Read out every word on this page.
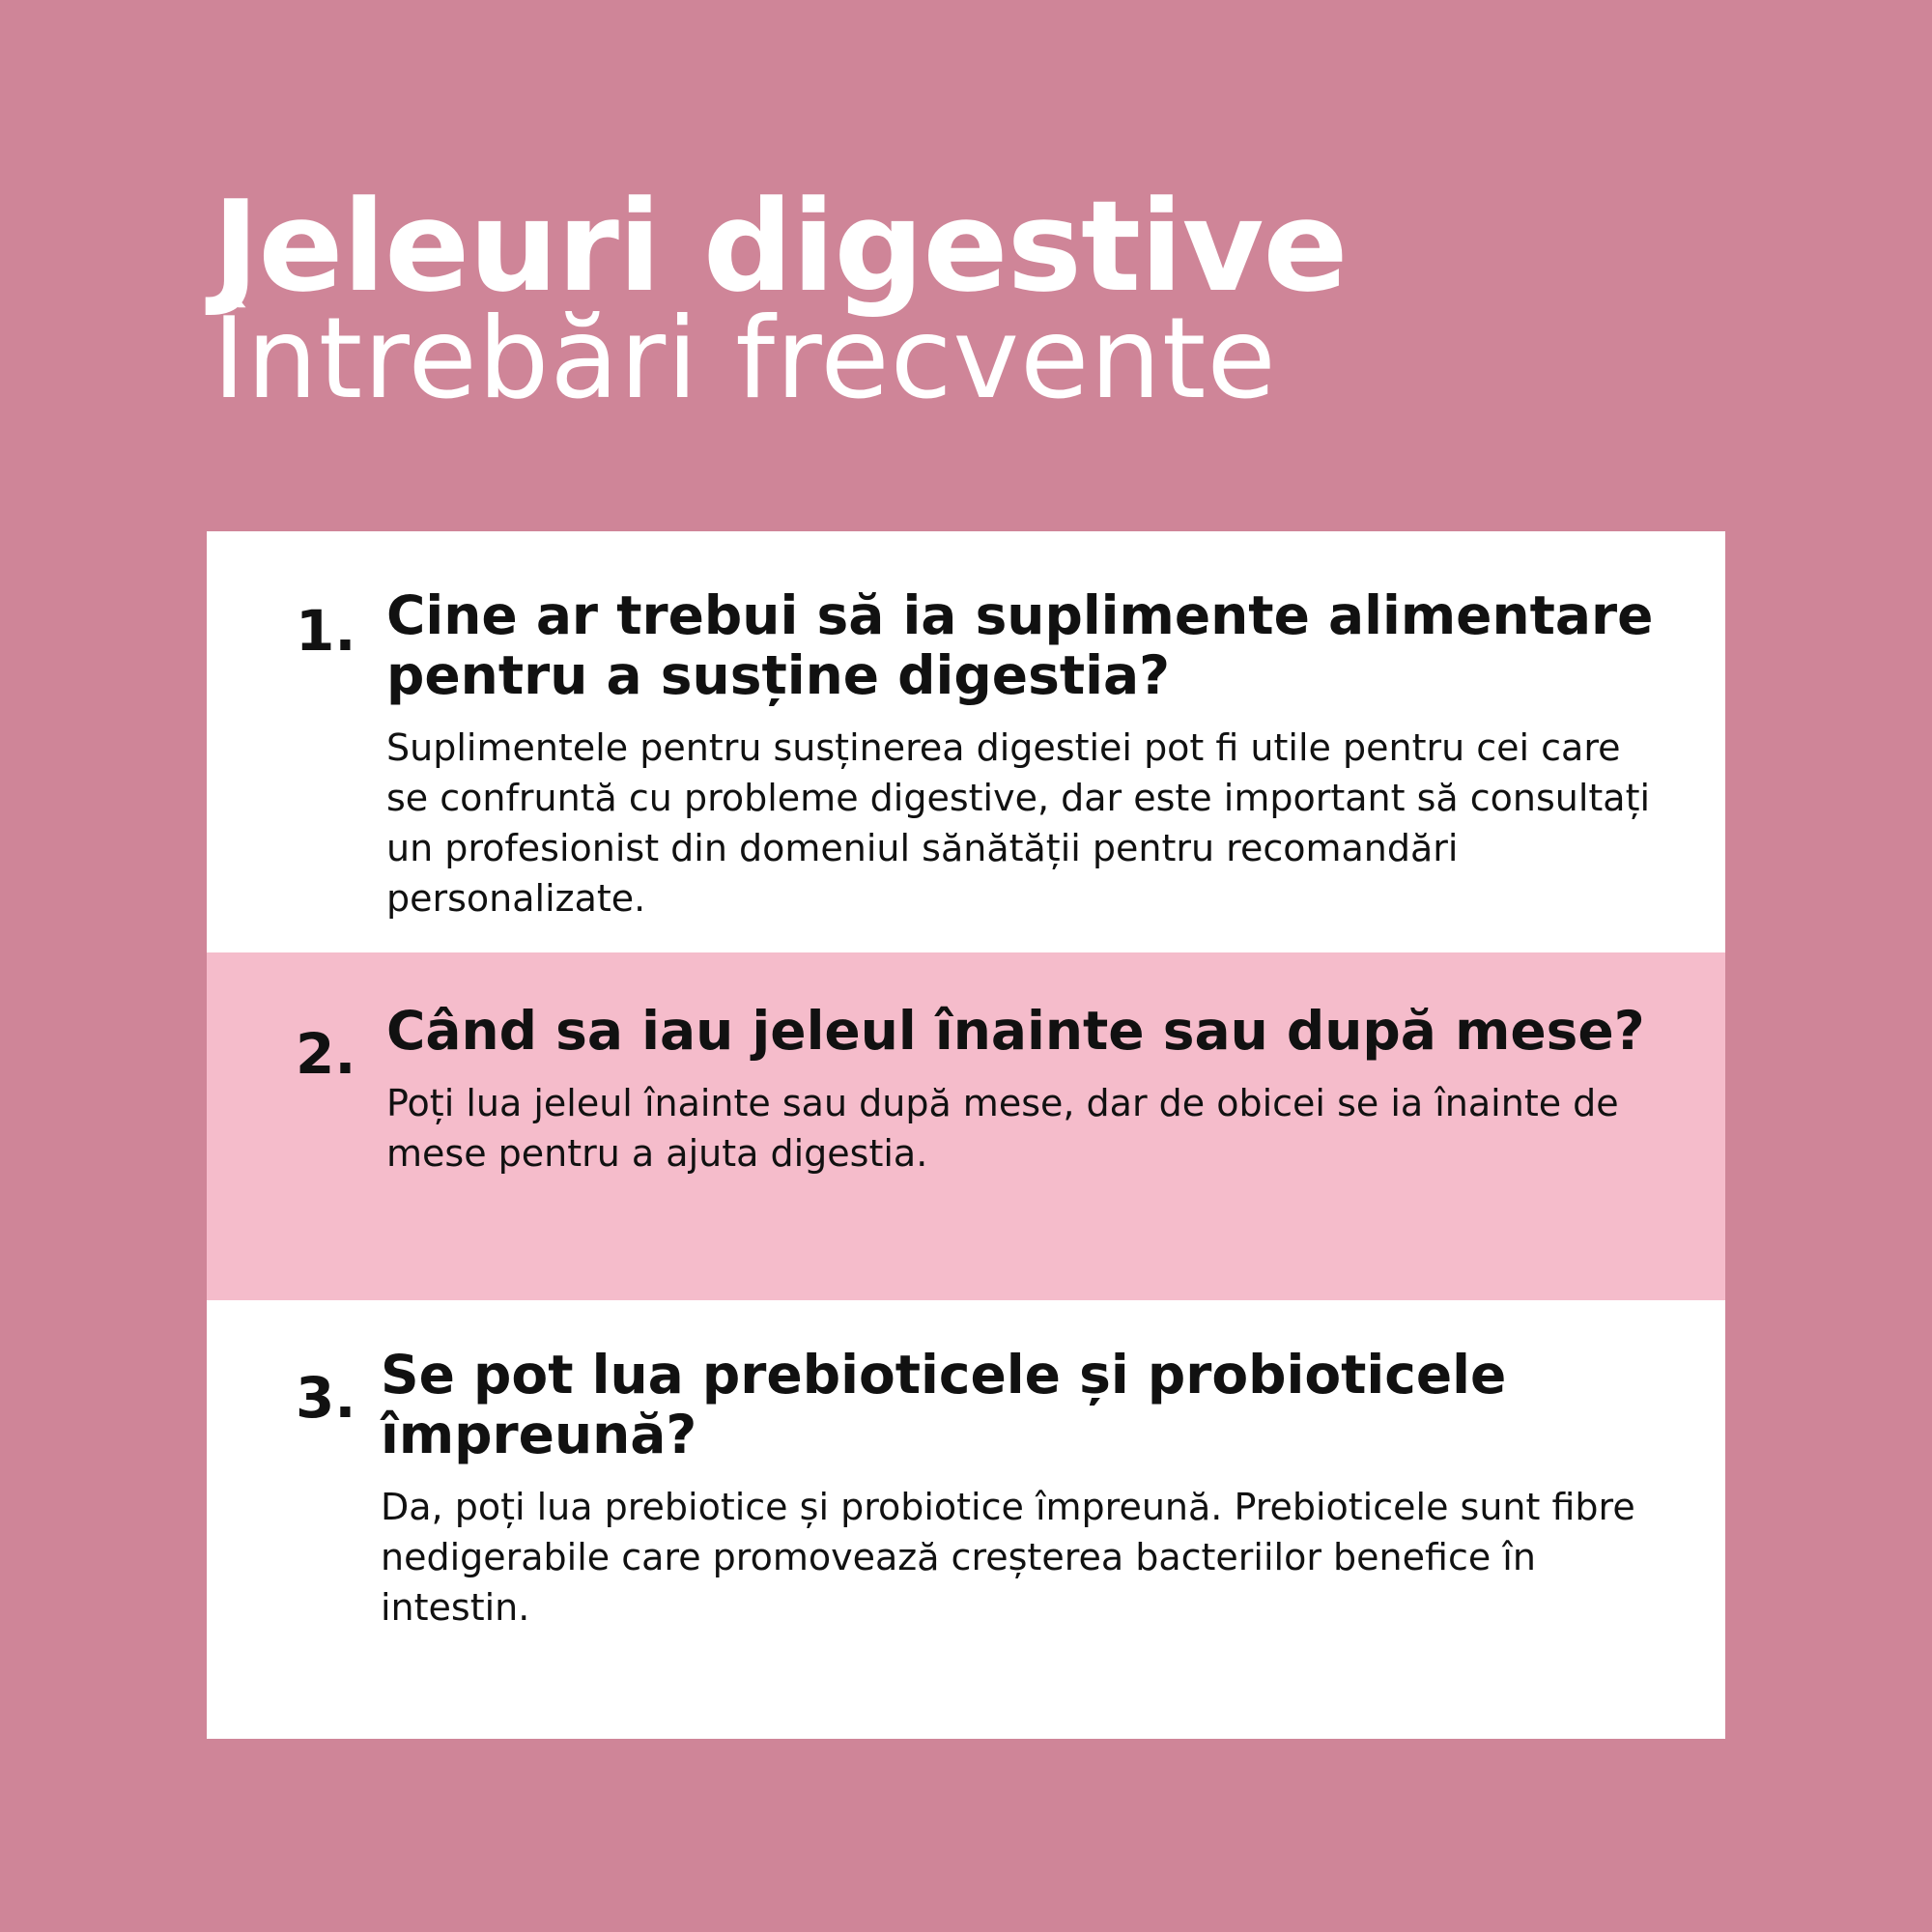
Jeleuri digestive
Întrebări frecvente
1. Cine ar trebui să ia suplimente alimentare pentru a susține digestia?
Suplimentele pentru susținerea digestiei pot fi utile pentru cei care se confruntă cu probleme digestive, dar este important să consultați un profesionist din domeniul sănătății pentru recomandări personalizate.
2. Când sa iau jeleul înainte sau după mese?
Poți lua jeleul înainte sau după mese, dar de obicei se ia înainte de mese pentru a ajuta digestia.
3. Se pot lua prebioticele și probioticele împreună?
Da, poți lua prebiotice și probiotice împreună. Prebioticele sunt fibre nedigerabile care promovează creșterea bacteriilor benefice în intestin.
